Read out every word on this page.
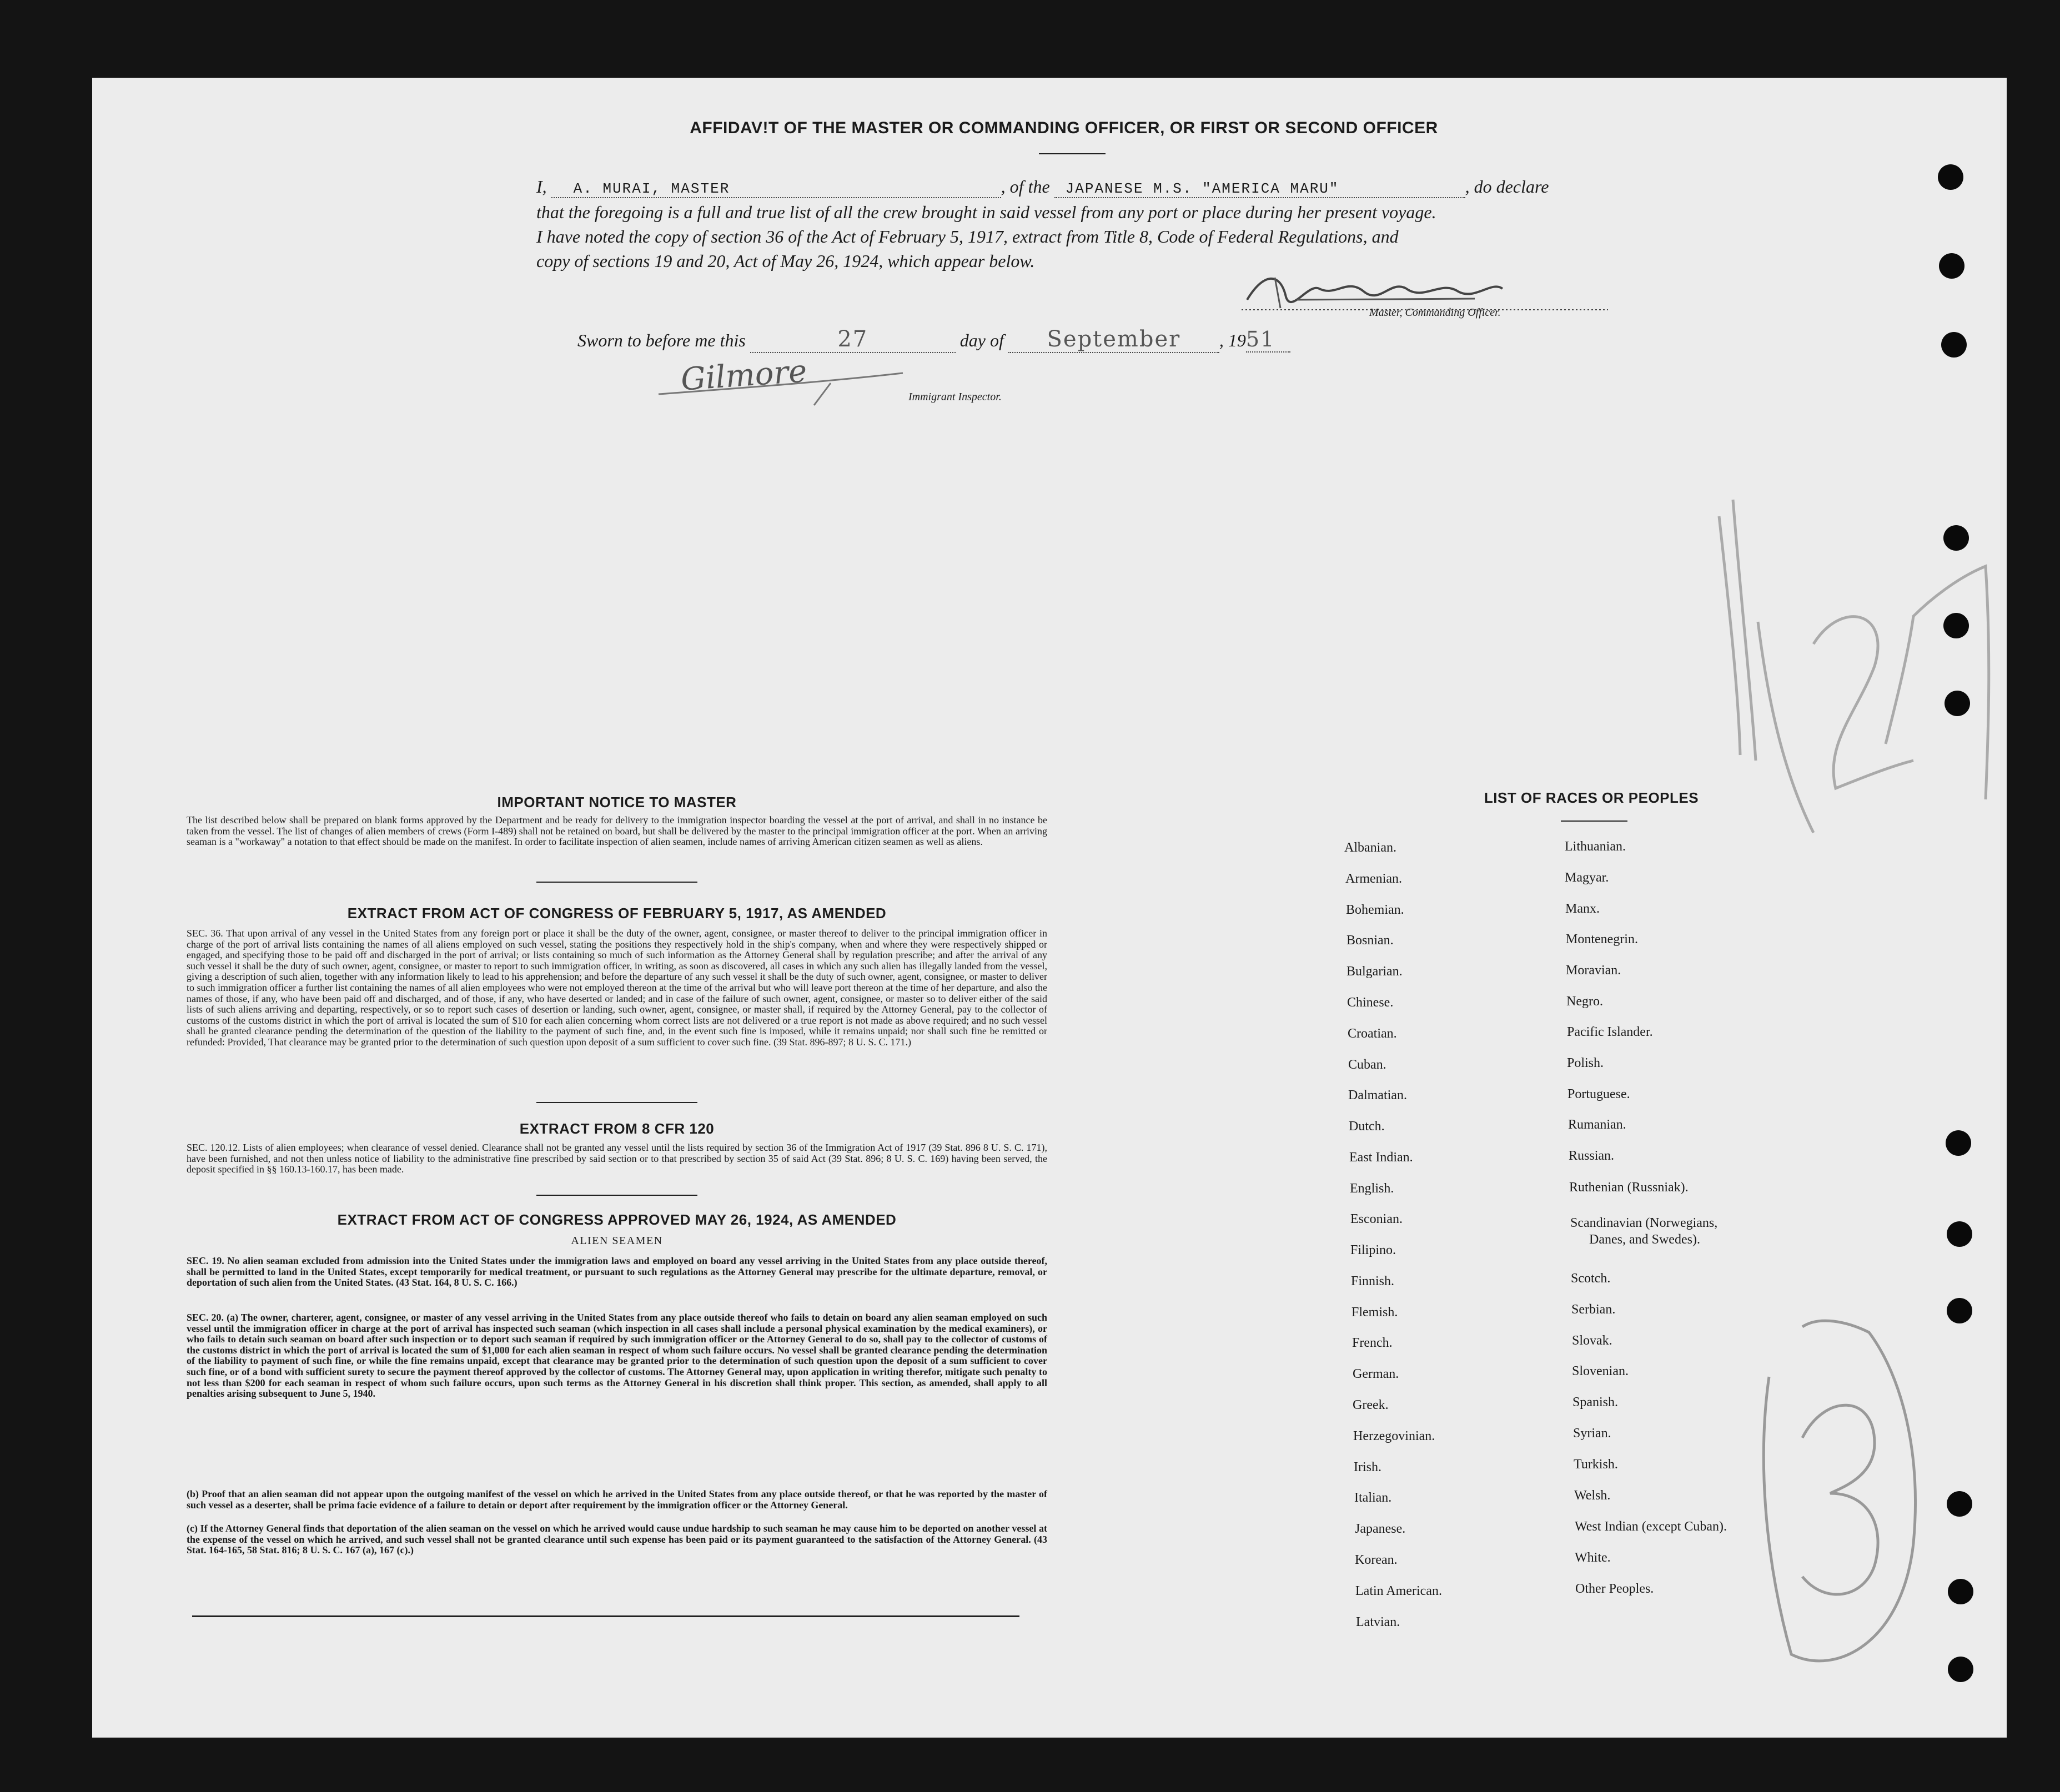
AFFIDAV!T OF THE MASTER OR COMMANDING OFFICER, OR FIRST OR SECOND OFFICER
I, A. MURAI, MASTER	, of the JAPANESE M.S. "AMERICA MARU"	, do declare
that the foregoing is a full and true list of all the crew brought in said vessel from any port or place during her present voyage.
I have noted the copy of section 36 of the Act of February 5, 1917, extract from Title 8, Code of Federal Regulations, and
copy of sections 19 and 20, Act of May 26, 1924, which appear below.
Master, Commanding Officer.
Sworn to before me this	27	day of September , 1951
Gilmore	Immigrant Inspector.
IMPORTANT NOTICE TO MASTER
The list described below shall be prepared on blank forms approved by the Department and be ready for delivery to the immigration inspector boarding the vessel at the port of arrival, and shall in no instance be taken from the vessel. The list of changes of alien members of crews (Form I-489) shall not be retained on board, but shall be delivered by the master to the principal immigration officer at the port. When an arriving seaman is a "workaway" a notation to that effect should be made on the manifest. In order to facilitate inspection of alien seamen, include names of arriving American citizen seamen as well as aliens.
EXTRACT FROM ACT OF CONGRESS OF FEBRUARY 5, 1917, AS AMENDED
SEC. 36. That upon arrival of any vessel in the United States from any foreign port or place it shall be the duty of the owner, agent, consignee, or master thereof to deliver to the principal immigration officer in charge of the port of arrival lists containing the names of all aliens employed on such vessel, stating the positions they respectively hold in the ship's company, when and where they were respectively shipped or engaged, and specifying those to be paid off and discharged in the port of arrival; or lists containing so much of such information as the Attorney General shall by regulation prescribe; and after the arrival of any such vessel it shall be the duty of such owner, agent, consignee, or master to report to such immigration officer, in writing, as soon as discovered, all cases in which any such alien has illegally landed from the vessel, giving a description of such alien, together with any information likely to lead to his apprehension; and before the departure of any such vessel it shall be the duty of such owner, agent, consignee, or master to deliver to such immigration officer a further list containing the names of all alien employees who were not employed thereon at the time of the arrival but who will leave port thereon at the time of her departure, and also the names of those, if any, who have been paid off and discharged, and of those, if any, who have deserted or landed; and in case of the failure of such owner, agent, consignee, or master so to deliver either of the said lists of such aliens arriving and departing, respectively, or so to report such cases of desertion or landing, such owner, agent, consignee, or master shall, if required by the Attorney General, pay to the collector of customs of the customs district in which the port of arrival is located the sum of $10 for each alien concerning whom correct lists are not delivered or a true report is not made as above required; and no such vessel shall be granted clearance pending the determination of the question of the liability to the payment of such fine, and, in the event such fine is imposed, while it remains unpaid; nor shall such fine be remitted or refunded: Provided, That clearance may be granted prior to the determination of such question upon deposit of a sum sufficient to cover such fine. (39 Stat. 896-897; 8 U. S. C. 171.)
EXTRACT FROM 8 CFR 120
SEC. 120.12. Lists of alien employees; when clearance of vessel denied. Clearance shall not be granted any vessel until the lists required by section 36 of the Immigration Act of 1917 (39 Stat. 896 8 U. S. C. 171), have been furnished, and not then unless notice of liability to the administrative fine prescribed by said section or to that prescribed by section 35 of said Act (39 Stat. 896; 8 U. S. C. 169) having been served, the deposit specified in §§ 160.13-160.17, has been made.
EXTRACT FROM ACT OF CONGRESS APPROVED MAY 26, 1924, AS AMENDED
ALIEN SEAMEN
SEC. 19. No alien seaman excluded from admission into the United States under the immigration laws and employed on board any vessel arriving in the United States from any place outside thereof, shall be permitted to land in the United States, except temporarily for medical treatment, or pursuant to such regulations as the Attorney General may prescribe for the ultimate departure, removal, or deportation of such alien from the United States. (43 Stat. 164, 8 U. S. C. 166.)
SEC. 20. (a) The owner, charterer, agent, consignee, or master of any vessel arriving in the United States from any place outside thereof who fails to detain on board any alien seaman employed on such vessel until the immigration officer in charge at the port of arrival has inspected such seaman (which inspection in all cases shall include a personal physical examination by the medical examiners), or who fails to detain such seaman on board after such inspection or to deport such seaman if required by such immigration officer or the Attorney General to do so, shall pay to the collector of customs of the customs district in which the port of arrival is located the sum of $1,000 for each alien seaman in respect of whom such failure occurs. No vessel shall be granted clearance pending the determination of the liability to payment of such fine, or while the fine remains unpaid, except that clearance may be granted prior to the determination of such question upon the deposit of a sum sufficient to cover such fine, or of a bond with sufficient surety to secure the payment thereof approved by the collector of customs. The Attorney General may, upon application in writing therefor, mitigate such penalty to not less than $200 for each seaman in respect of whom such failure occurs, upon such terms as the Attorney General in his discretion shall think proper. This section, as amended, shall apply to all penalties arising subsequent to June 5, 1940.
(b) Proof that an alien seaman did not appear upon the outgoing manifest of the vessel on which he arrived in the United States from any place outside thereof, or that he was reported by the master of such vessel as a deserter, shall be prima facie evidence of a failure to detain or deport after requirement by the immigration officer or the Attorney General.
(c) If the Attorney General finds that deportation of the alien seaman on the vessel on which he arrived would cause undue hardship to such seaman he may cause him to be deported on another vessel at the expense of the vessel on which he arrived, and such vessel shall not be granted clearance until such expense has been paid or its payment guaranteed to the satisfaction of the Attorney General. (43 Stat. 164-165, 58 Stat. 816; 8 U. S. C. 167 (a), 167 (c).)
LIST OF RACES OR PEOPLES
Albanian.
Armenian.
Bohemian.
Bosnian.
Bulgarian.
Chinese.
Croatian.
Cuban.
Dalmatian.
Dutch.
East Indian.
English.
Esconian.
Filipino.
Finnish.
Flemish.
French.
German.
Greek.
Herzegovinian.
Irish.
Italian.
Japanese.
Korean.
Latin American.
Latvian.
Lithuanian.
Magyar.
Manx.
Montenegrin.
Moravian.
Negro.
Pacific Islander.
Polish.
Portuguese.
Rumanian.
Russian.
Ruthenian (Russniak).
Scandinavian (Norwegians,
Danes, and Swedes).
Scotch.
Serbian.
Slovak.
Slovenian.
Spanish.
Syrian.
Turkish.
Welsh.
West Indian (except Cuban).
White.
Other Peoples.
